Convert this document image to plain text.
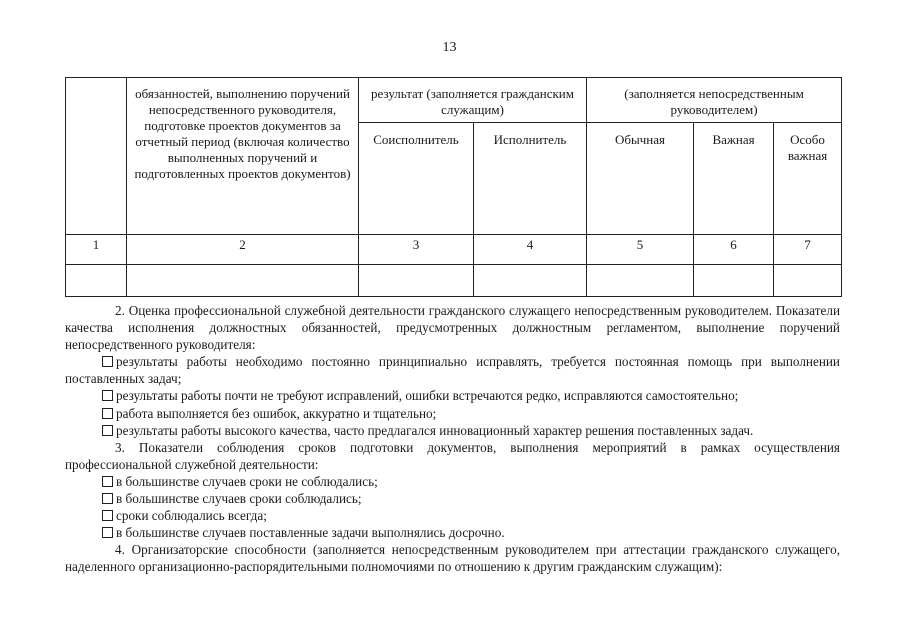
13
	обязанностей, выполнению поручений непосредственного руководителя, подготовке проектов документов за отчетный период (включая количество выполненных поручений и подготовленных проектов документов)	результат (заполняется гражданским служащим)		(заполняется непосредственным руководителем)		
		Соисполнитель	Исполнитель	Обычная	Важная	Особо важная
1	2	3	4	5	6	7

2. Оценка профессиональной служебной деятельности гражданского служащего непосредственным руководителем. Показатели качества исполнения должностных обязанностей, предусмотренных должностным регламентом, выполнение поручений непосредственного руководителя:

результаты работы необходимо постоянно принципиально исправлять, требуется постоянная помощь при выполнении поставленных задач;

результаты работы почти не требуют исправлений, ошибки встречаются редко, исправляются самостоятельно;

работа выполняется без ошибок, аккуратно и тщательно;

результаты работы высокого качества, часто предлагался инновационный характер решения поставленных задач.

3. Показатели соблюдения сроков подготовки документов, выполнения мероприятий в рамках осуществления профессиональной служебной деятельности:

в большинстве случаев сроки не соблюдались;

в большинстве случаев сроки соблюдались;

сроки соблюдались всегда;

в большинстве случаев поставленные задачи выполнялись досрочно.

4. Организаторские способности (заполняется непосредственным руководителем при аттестации гражданского служащего, наделенного организационно-распорядительными полномочиями по отношению к другим гражданским служащим):
